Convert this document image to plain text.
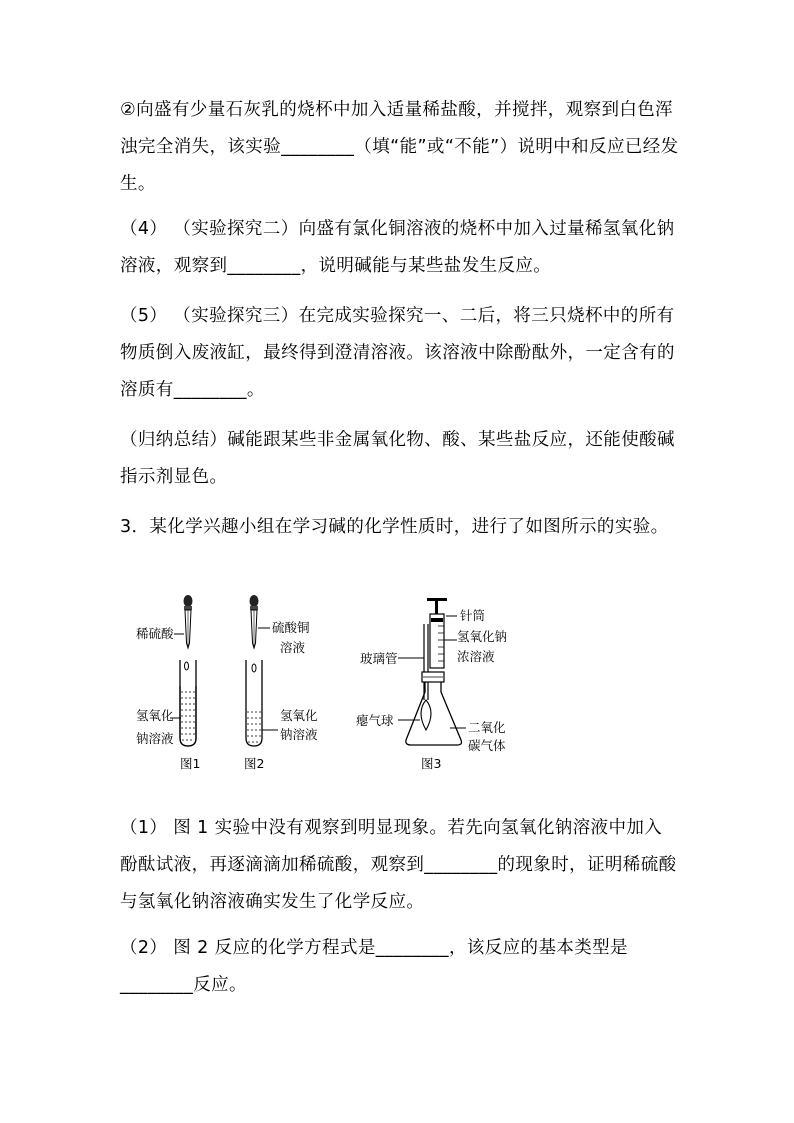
②向盛有少量石灰乳的烧杯中加入适量稀盐酸，并搅拌，观察到白色浑浊完全消失，该实验________（填“能”或“不能”）说明中和反应已经发生。
（4） （实验探究二）向盛有氯化铜溶液的烧杯中加入过量稀氢氧化钠溶液，观察到________，说明碱能与某些盐发生反应。
（5） （实验探究三）在完成实验探究一、二后，将三只烧杯中的所有物质倒入废液缸，最终得到澄清溶液。该溶液中除酚酞外，一定含有的溶质有________。
（归纳总结）碱能跟某些非金属氧化物、酸、某些盐反应，还能使酸碱指示剂显色。
3．某化学兴趣小组在学习碱的化学性质时，进行了如图所示的实验。
稀硫酸
氢氧化
钠溶液
图1
硫酸铜
溶液
氢氧化
钠溶液
图2
针筒
氢氧化钠
浓溶液
玻璃管
瘪气球	二氧化
碳气体
图3
（1） 图 1 实验中没有观察到明显现象。若先向氢氧化钠溶液中加入酚酞试液，再逐滴滴加稀硫酸，观察到________的现象时，证明稀硫酸与氢氧化钠溶液确实发生了化学反应。
（2） 图 2 反应的化学方程式是________，该反应的基本类型是________反应。
